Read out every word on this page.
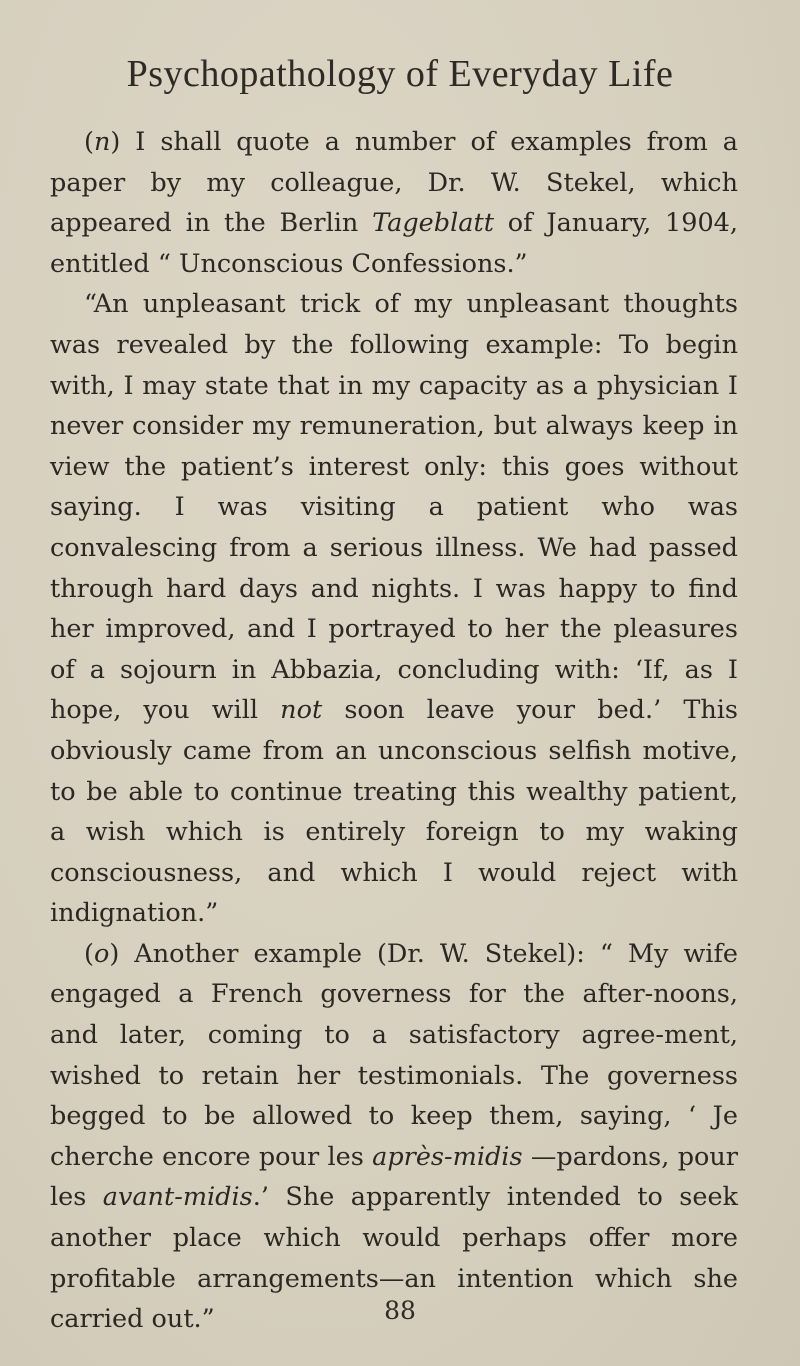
Psychopathology of Everyday Life

(n) I shall quote a number of examples from a paper by my colleague, Dr. W. Stekel, which appeared in the Berlin Tageblatt of January, 1904, entitled “ Unconscious Confessions.”

“An unpleasant trick of my unpleasant thoughts was revealed by the following example: To begin with, I may state that in my capacity as a physician I never consider my remuneration, but always keep in view the patient’s interest only: this goes without saying. I was visiting a patient who was convalescing from a serious illness. We had passed through hard days and nights. I was happy to find her improved, and I portrayed to her the pleasures of a sojourn in Abbazia, concluding with: ‘If, as I hope, you will not soon leave your bed.’ This obviously came from an unconscious selfish motive, to be able to continue treating this wealthy patient, a wish which is entirely foreign to my waking consciousness, and which I would reject with indignation.”

(o) Another example (Dr. W. Stekel): “ My wife engaged a French governess for the after-noons, and later, coming to a satisfactory agree-ment, wished to retain her testimonials. The governess begged to be allowed to keep them, saying, ‘ Je cherche encore pour les après-midis —pardons, pour les avant-midis.’ She apparently intended to seek another place which would perhaps offer more profitable arrangements—an intention which she carried out.”	88
